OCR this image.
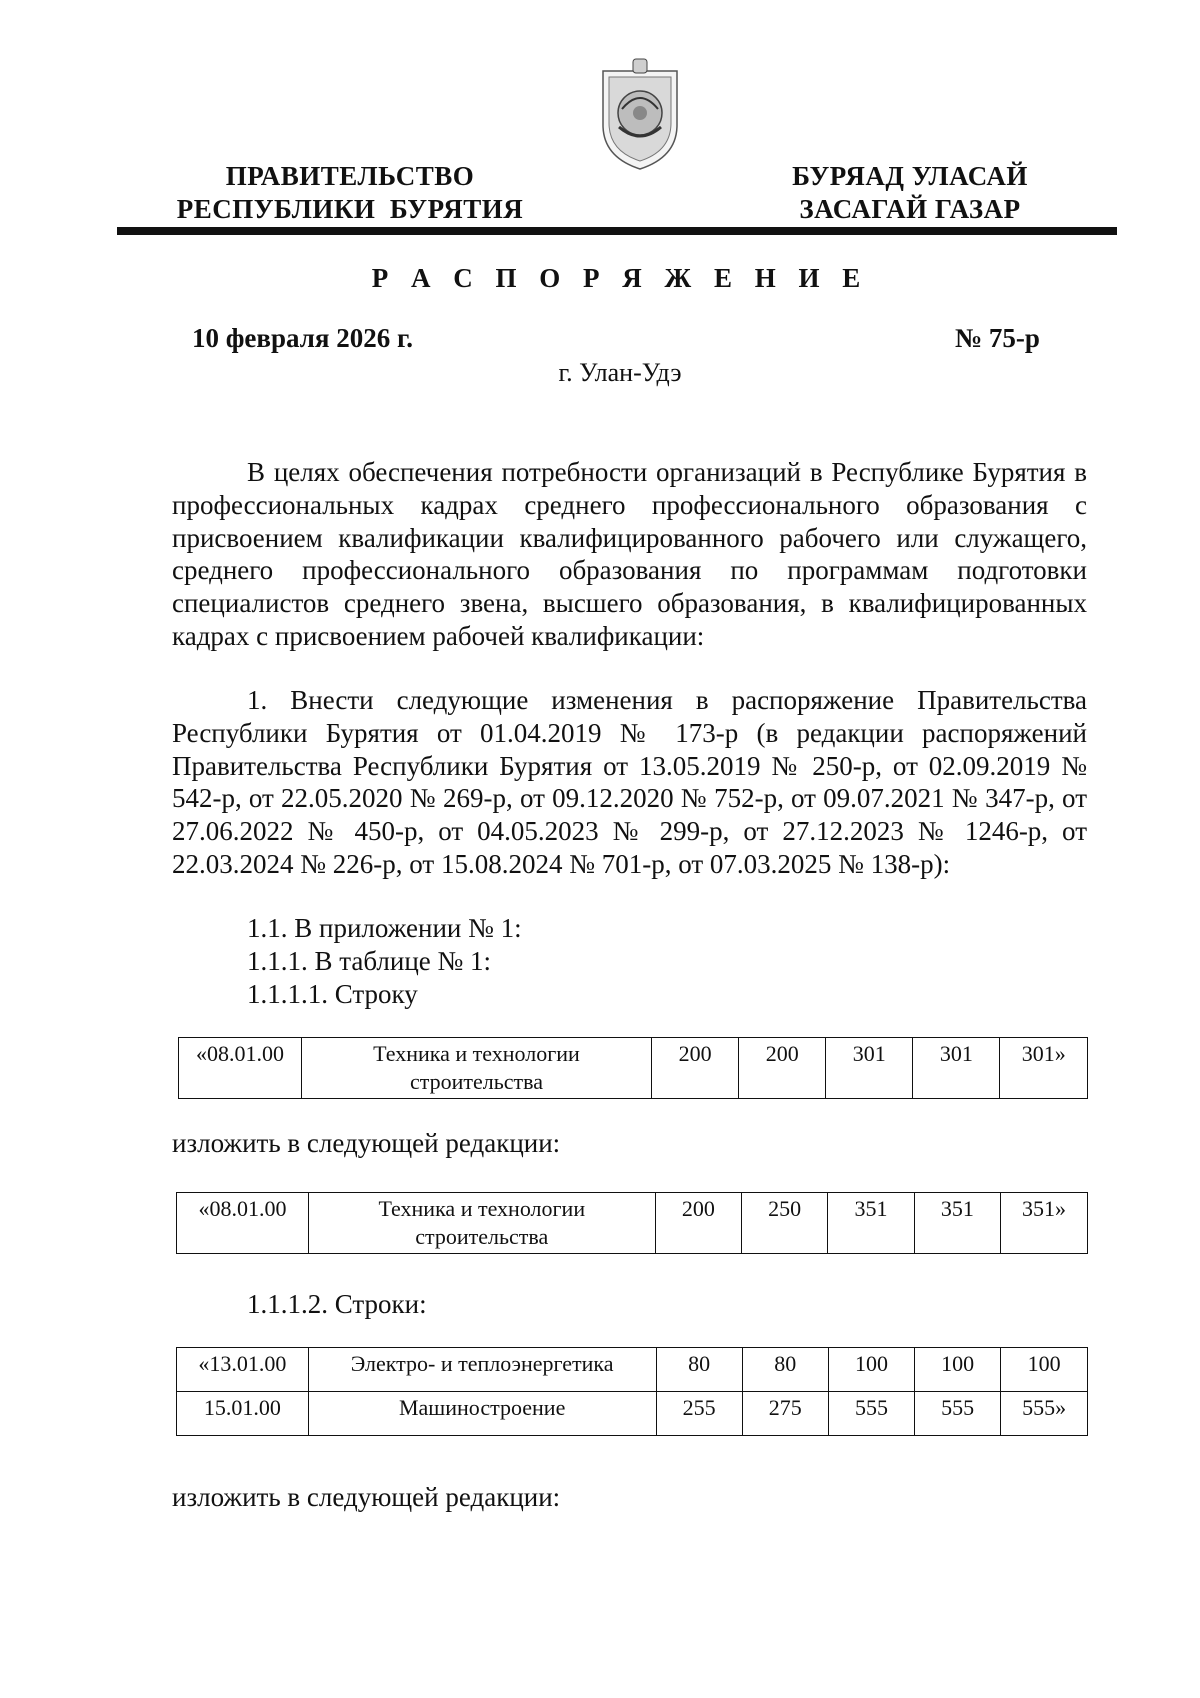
ПРАВИТЕЛЬСТВО
РЕСПУБЛИКИ  БУРЯТИЯ
БУРЯАД УЛАСАЙ
ЗАСАГАЙ ГАЗАР
Р А С П О Р Я Ж Е Н И Е
10 февраля 2026 г.	№ 75-р
г. Улан-Удэ
В целях обеспечения потребности организаций в Республике Бурятия в профессиональных кадрах среднего профессионального образования с присвоением квалификации квалифицированного рабочего или служащего, среднего профессионального образования по программам подготовки специалистов среднего звена, высшего образования, в квалифицированных кадрах с присвоением рабочей квалификации:
1. Внести следующие изменения в распоряжение Правительства Республики Бурятия от 01.04.2019 № 173-р (в редакции распоряжений Правительства Республики Бурятия от 13.05.2019 № 250-р, от 02.09.2019 № 542-р, от 22.05.2020 № 269-р, от 09.12.2020 № 752-р, от 09.07.2021 № 347-р, от 27.06.2022 № 450-р, от 04.05.2023 № 299-р, от 27.12.2023 № 1246-р, от 22.03.2024 № 226-р, от 15.08.2024 № 701-р, от 07.03.2025 № 138-р):
1.1. В приложении № 1:
1.1.1. В таблице № 1:
1.1.1.1. Строку
«08.01.00	Техника и технологии строительства	200	200	301	301	301»
изложить в следующей редакции:
«08.01.00	Техника и технологии строительства	200	250	351	351	351»
1.1.1.2. Строки:
«13.01.00	Электро- и теплоэнергетика	80	80	100	100	100
15.01.00	Машиностроение	255	275	555	555	555»
изложить в следующей редакции:
